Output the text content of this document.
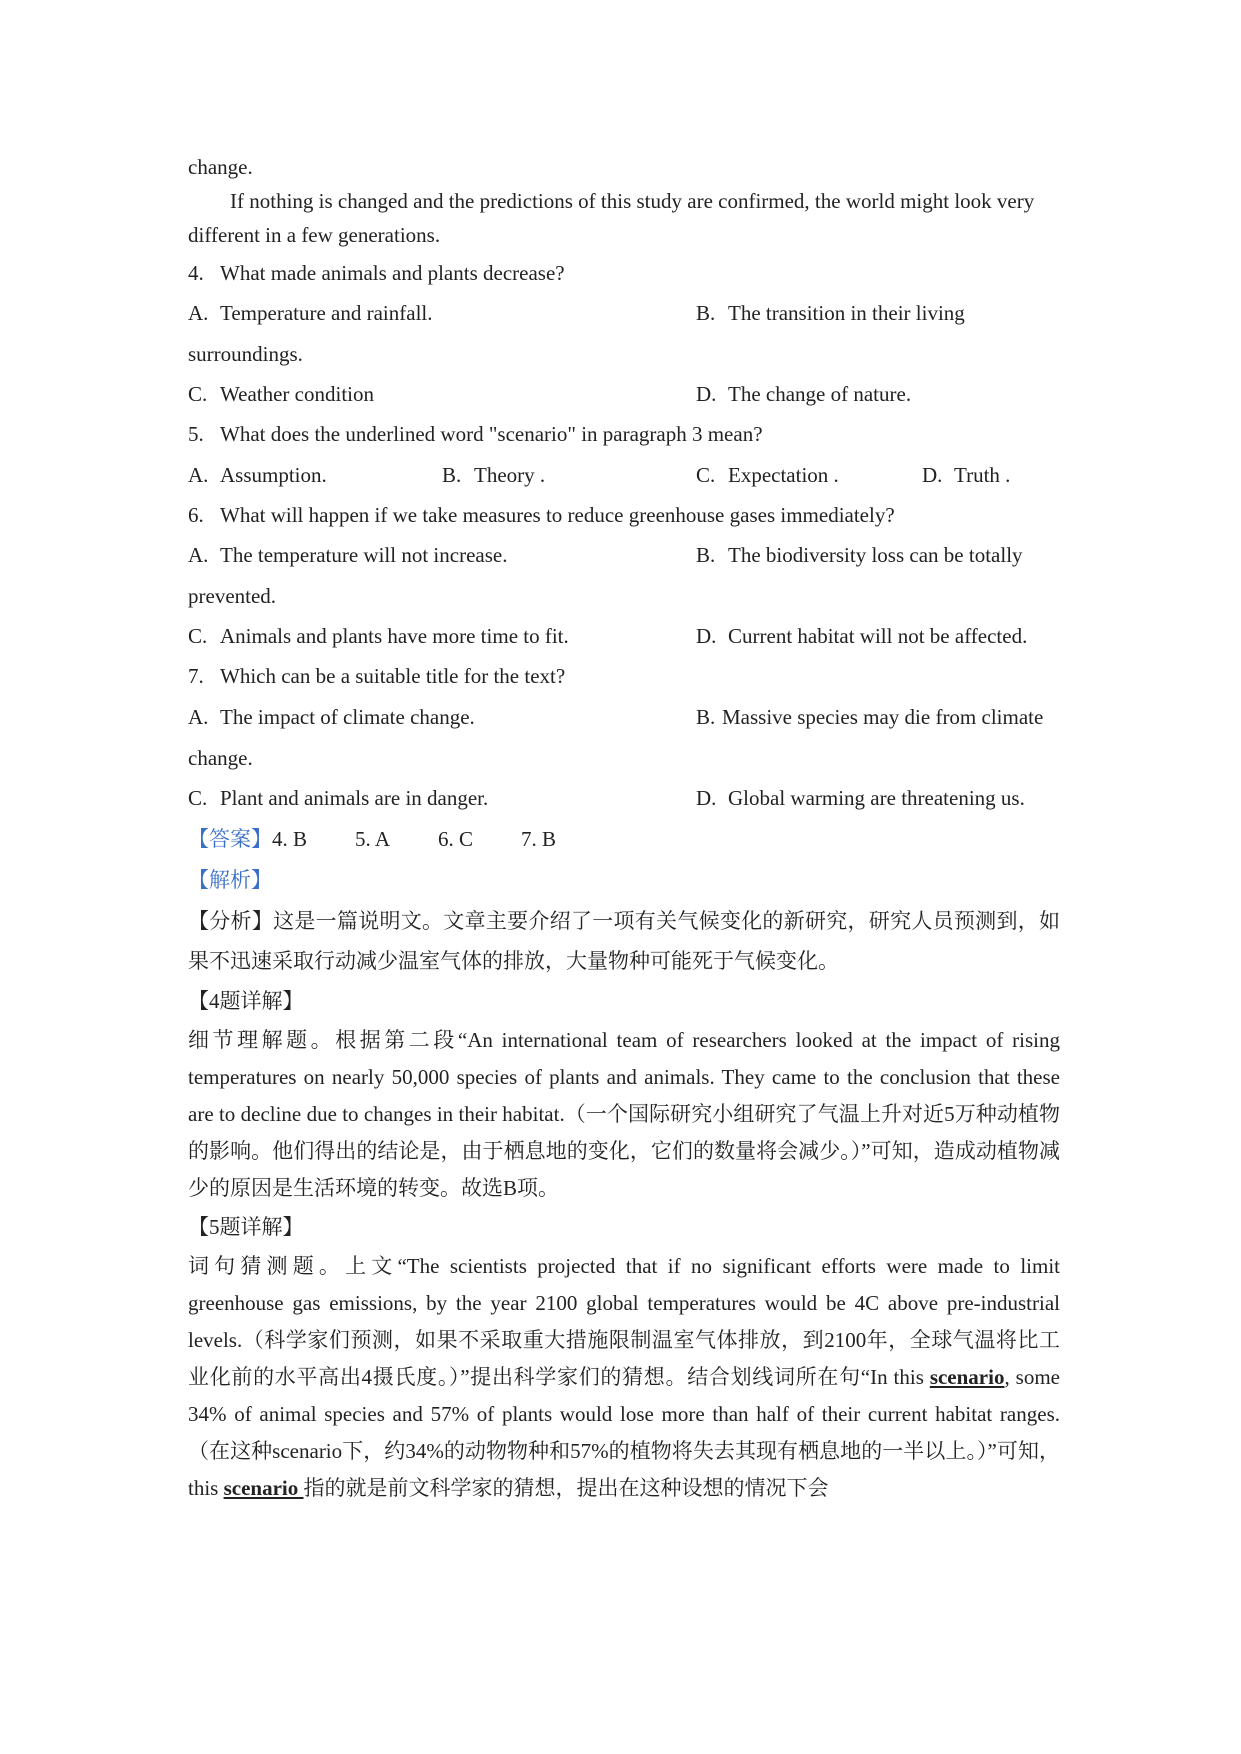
change.

If nothing is changed and the predictions of this study are confirmed, the world might look very different in a few generations.

4. What made animals and plants decrease?
A. Temperature and rainfall.	B. The transition in their living
surroundings.
C. Weather condition	D. The change of nature.
5. What does the underlined word "scenario" in paragraph 3 mean?
A. Assumption.	B. Theory .	C. Expectation .	D. Truth .
6. What will happen if we take measures to reduce greenhouse gases immediately?
A. The temperature will not increase.	B. The biodiversity loss can be totally
prevented.
C. Animals and plants have more time to fit.	D. Current habitat will not be affected.
7. Which can be a suitable title for the text?
A. The impact of climate change.	B. Massive species may die from climate
change.
C. Plant and animals are in danger.	D. Global warming are threatening us.
【答案】4. B 5. A 6. C 7. B
【解析】

【分析】这是一篇说明文。文章主要介绍了一项有关气候变化的新研究，研究人员预测到，如果不迅速采取行动减少温室气体的排放，大量物种可能死于气候变化。

【4题详解】

细节理解题。根据第二段“An international team of researchers looked at the impact of rising temperatures on nearly 50,000 species of plants and animals. They came to the conclusion that these are to decline due to changes in their habitat.（一个国际研究小组研究了气温上升对近5万种动植物的影响。他们得出的结论是，由于栖息地的变化，它们的数量将会减少。）”可知，造成动植物减少的原因是生活环境的转变。故选B项。

【5题详解】

词句猜测题。上文“The scientists projected that if no significant efforts were made to limit greenhouse gas emissions, by the year 2100 global temperatures would be 4C above pre-industrial levels.（科学家们预测，如果不采取重大措施限制温室气体排放，到2100年，全球气温将比工业化前的水平高出4摄氏度。）”提出科学家们的猜想。结合划线词所在句“In this scenario, some 34% of animal species and 57% of plants would lose more than half of their current habitat ranges.（在这种scenario下，约34%的动物物种和57%的植物将失去其现有栖息地的一半以上。）”可知，this scenario 指的就是前文科学家的猜想，提出在这种设想的情况下会
